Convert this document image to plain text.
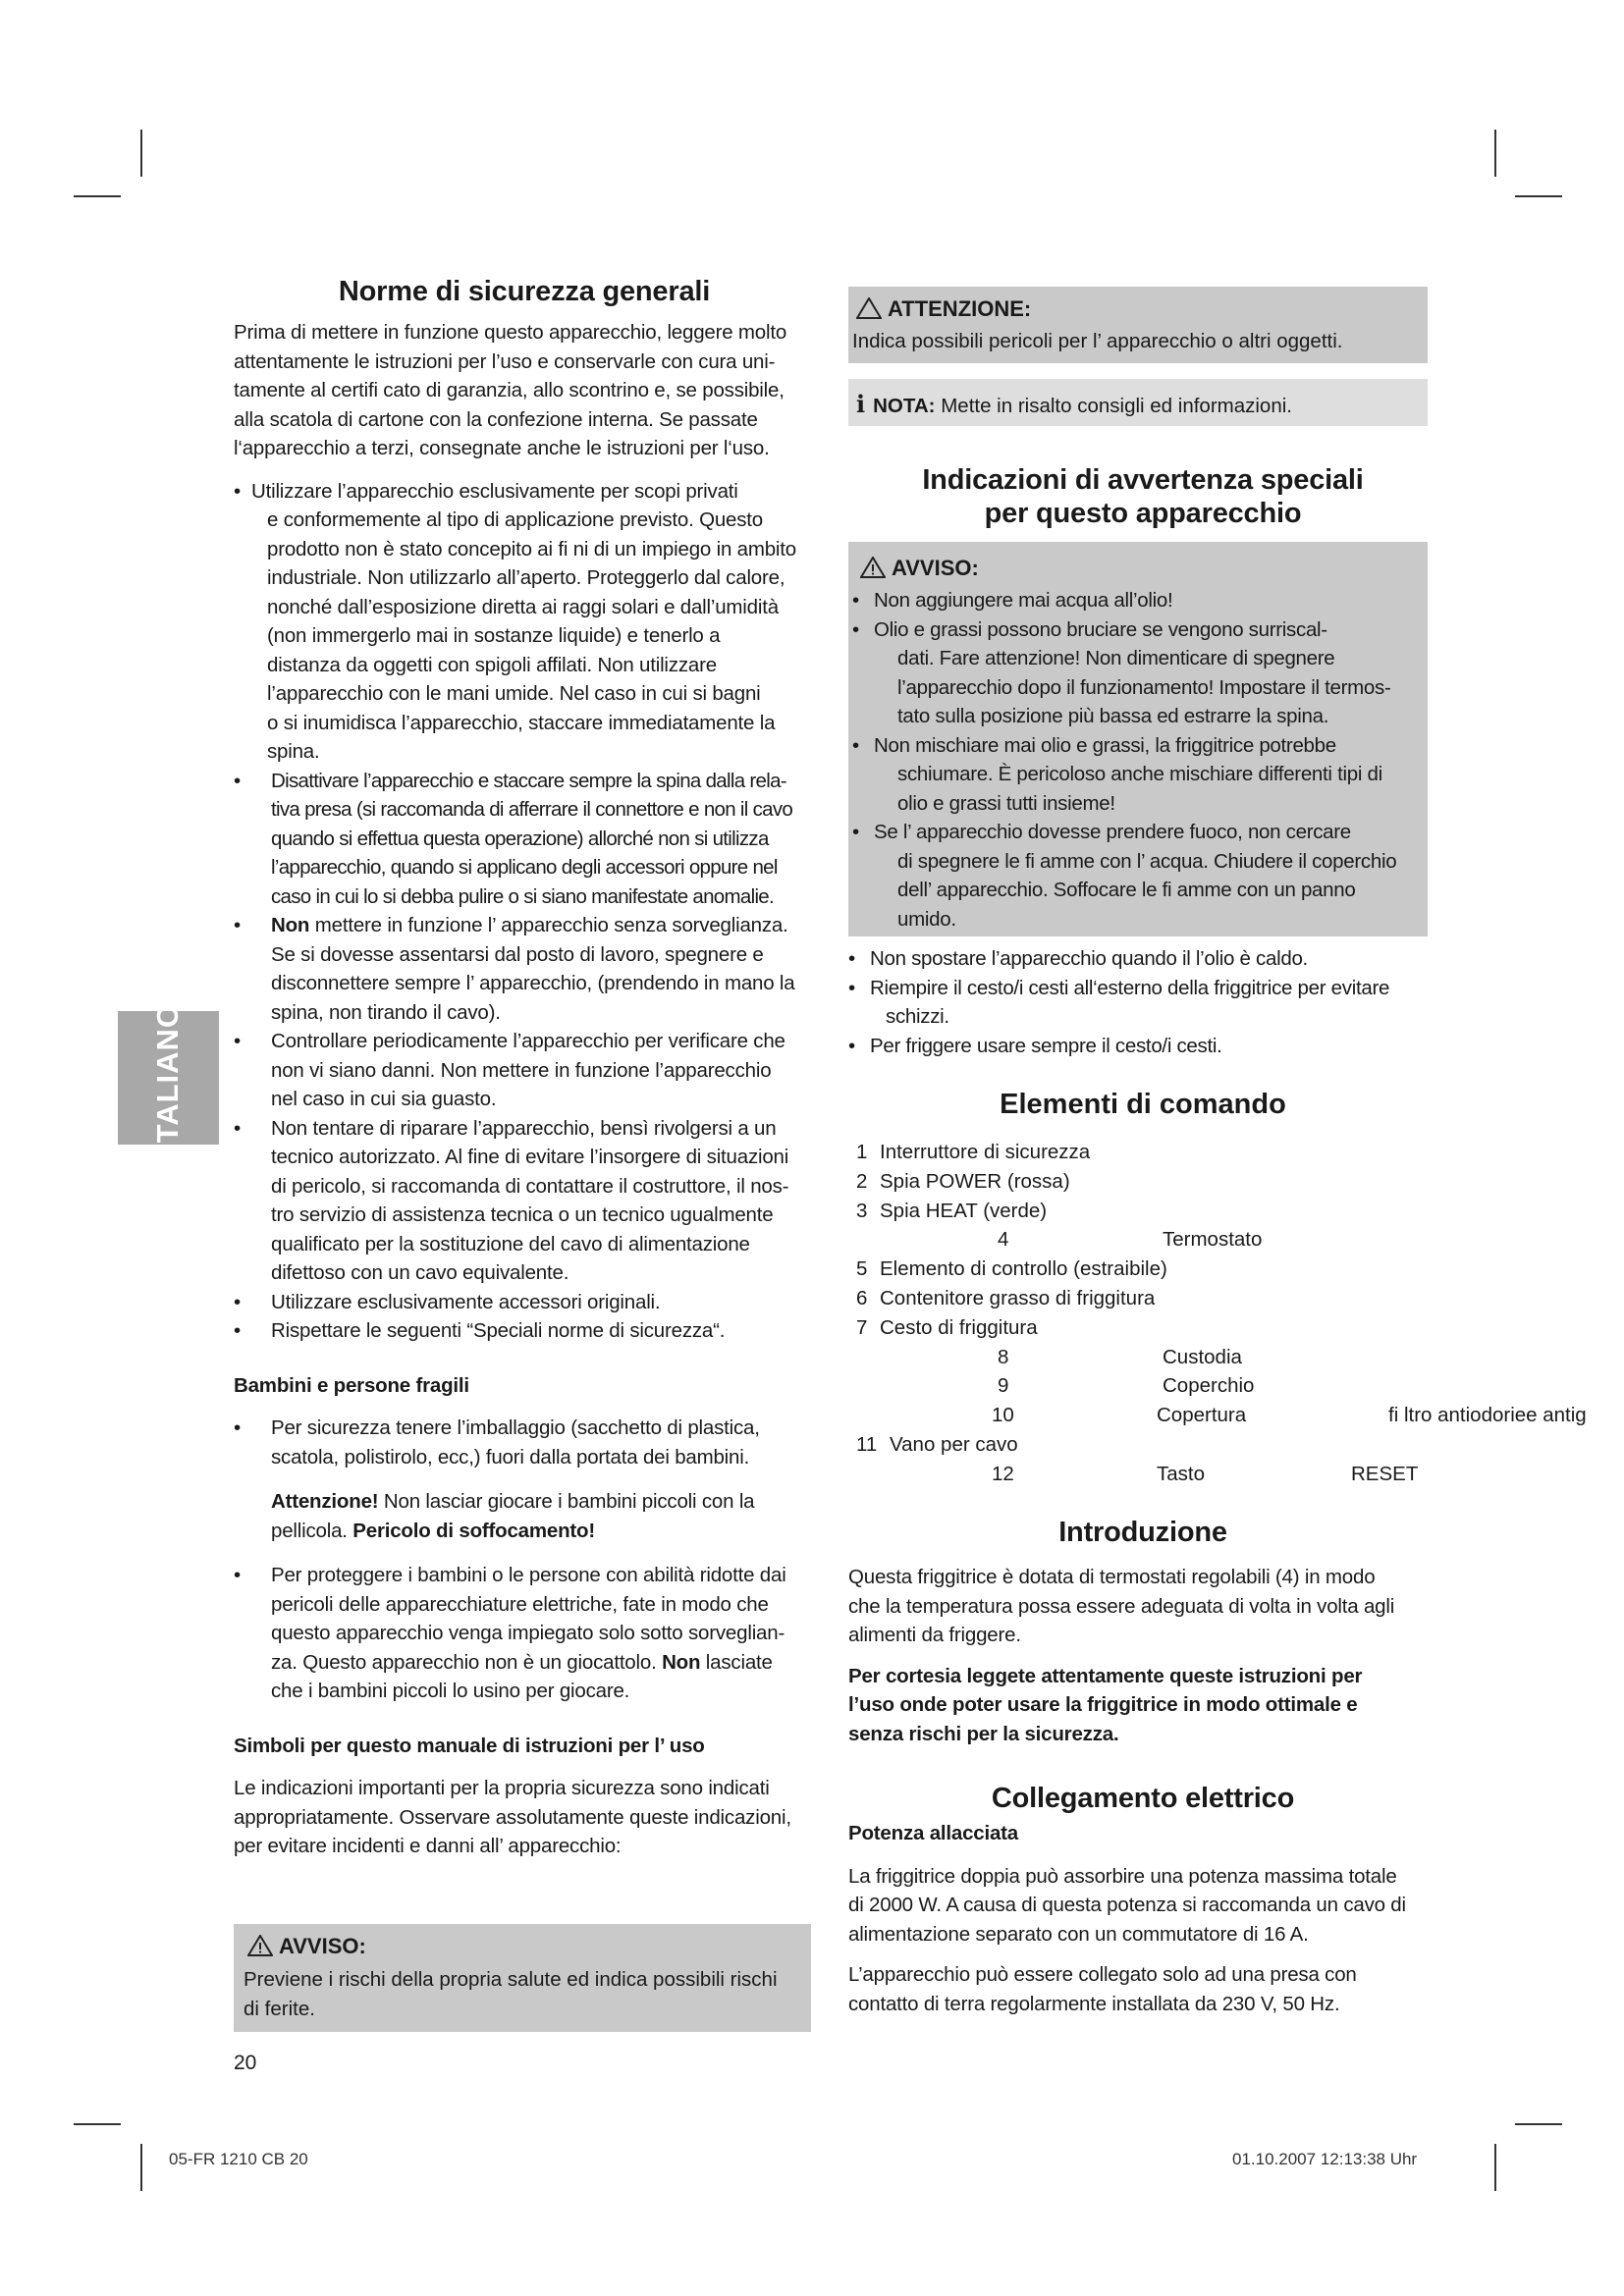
ITALIANO
Norme di sicurezza generali

Prima di mettere in funzione questo apparecchio, leggere molto

attentamente le istruzioni per l’uso e conservarle con cura uni-

tamente al certifi cato di garanzia, allo scontrino e, se possibile,

alla scatola di cartone con la confezione interna. Se passate

l‘apparecchio a terzi, consegnate anche le istruzioni per l‘uso.

• Utilizzare l’apparecchio esclusivamente per scopi privati

e conformemente al tipo di applicazione previsto. Questo

prodotto non è stato concepito ai fi ni di un impiego in ambito

industriale. Non utilizzarlo all’aperto. Proteggerlo dal calore,

nonché dall’esposizione diretta ai raggi solari e dall’umidità

(non immergerlo mai in sostanze liquide) e tenerlo a

distanza da oggetti con spigoli affilati. Non utilizzare

l’apparecchio con le mani umide. Nel caso in cui si bagni

o si inumidisca l’apparecchio, staccare immediatamente la

spina.

• Disattivare l’apparecchio e staccare sempre la spina dalla rela-

tiva presa (si raccomanda di afferrare il connettore e non il cavo

quando si effettua questa operazione) allorché non si utilizza

l’apparecchio, quando si applicano degli accessori oppure nel

caso in cui lo si debba pulire o si siano manifestate anomalie.

• Non mettere in funzione l’ apparecchio senza sorveglianza.

Se si dovesse assentarsi dal posto di lavoro, spegnere e

disconnettere sempre l’ apparecchio, (prendendo in mano la

spina, non tirando il cavo).

• Controllare periodicamente l’apparecchio per verificare che

non vi siano danni. Non mettere in funzione l’apparecchio

nel caso in cui sia guasto.

• Non tentare di riparare l’apparecchio, bensì rivolgersi a un

tecnico autorizzato. Al fine di evitare l’insorgere di situazioni

di pericolo, si raccomanda di contattare il costruttore, il nos-

tro servizio di assistenza tecnica o un tecnico ugualmente

qualificato per la sostituzione del cavo di alimentazione

difettoso con un cavo equivalente.

• Utilizzare esclusivamente accessori originali.

• Rispettare le seguenti “Speciali norme di sicurezza“.

Bambini e persone fragili
• Per sicurezza tenere l’imballaggio (sacchetto di plastica,

scatola, polistirolo, ecc,) fuori dalla portata dei bambini.

Attenzione! Non lasciar giocare i bambini piccoli con la

pellicola. Pericolo di soffocamento!

• Per proteggere i bambini o le persone con abilità ridotte dai

pericoli delle apparecchiature elettriche, fate in modo che

questo apparecchio venga impiegato solo sotto sorveglian-

za. Questo apparecchio non è un giocattolo. Non lasciate

che i bambini piccoli lo usino per giocare.

Simboli per questo manuale di istruzioni per l’ uso

Le indicazioni importanti per la propria sicurezza sono indicati

appropriatamente. Osservare assolutamente queste indicazioni,

per evitare incidenti e danni all’ apparecchio:

AVVISO:

Previene i rischi della propria salute ed indica possibili rischi

di ferite.

20
ATTENZIONE:
Indica possibili pericoli per l’ apparecchio o altri oggetti.
i NOTA: Mette in risalto consigli ed informazioni.
Indicazioni di avvertenza speciali
per questo apparecchio
AVVISO:
• Non aggiungere mai acqua all’olio!

• Olio e grassi possono bruciare se vengono surriscal-

dati. Fare attenzione! Non dimenticare di spegnere

l’apparecchio dopo il funzionamento! Impostare il termos-

tato sulla posizione più bassa ed estrarre la spina.

• Non mischiare mai olio e grassi, la friggitrice potrebbe

schiumare. È pericoloso anche mischiare differenti tipi di

olio e grassi tutti insieme!

• Se l’ apparecchio dovesse prendere fuoco, non cercare

di spegnere le fi amme con l’ acqua. Chiudere il coperchio

dell’ apparecchio. Soffocare le fi amme con un panno

umido.

• Non spostare l’apparecchio quando il l’olio è caldo.

• Riempire il cesto/i cesti all‘esterno della friggitrice per evitare

schizzi.

• Per friggere usare sempre il cesto/i cesti.

Elementi di comando
1 Interruttore di sicurezza
2 Spia POWER (rossa)
3 Spia HEAT (verde)
4	Termostato
5 Elemento di controllo (estraibile)
6 Contenitore grasso di friggitura
7 Cesto di friggitura
8	Custodia
9	Coperchio
10	Copertura	fi ltro antiodoriee antig
11 Vano per cavo
12	Tasto	RESET
Introduzione

Questa friggitrice è dotata di termostati regolabili (4) in modo

che la temperatura possa essere adeguata di volta in volta agli

alimenti da friggere.

Per cortesia leggete attentamente queste istruzioni per

l’uso onde poter usare la friggitrice in modo ottimale e

senza rischi per la sicurezza.

Collegamento elettrico
Potenza allacciata

La friggitrice doppia può assorbire una potenza massima totale

di 2000 W. A causa di questa potenza si raccomanda un cavo di

alimentazione separato con un commutatore di 16 A.

L’apparecchio può essere collegato solo ad una presa con

contatto di terra regolarmente installata da 230 V, 50 Hz.

05-FR 1210 CB 20	01.10.2007 12:13:38 Uhr
